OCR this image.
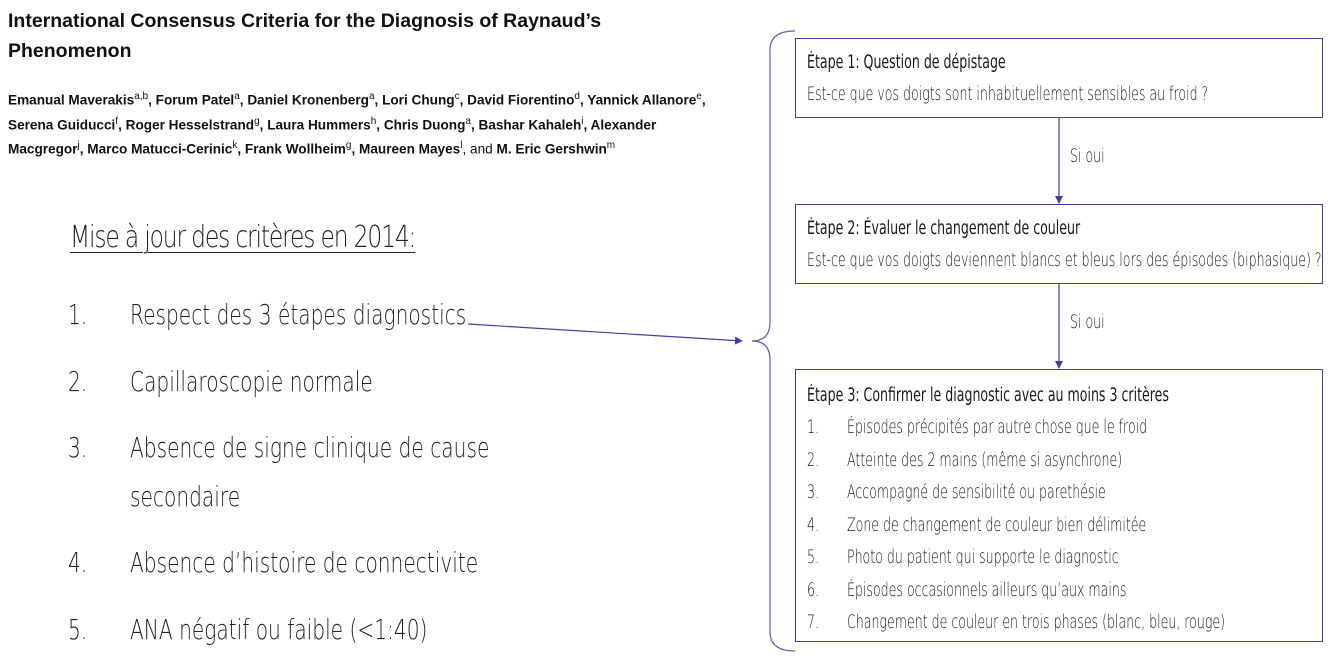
International Consensus Criteria for the Diagnosis of Raynaud’s Phenomenon

Emanual Maverakis$^{a,b}$, Forum Patel$^a$, Daniel Kronenberg$^a$, Lori Chung$^c$, David Fiorentino$^d$, Yannick Allanore$^e$, Serena Guiducci$^f$, Roger Hesselstrand$^g$, Laura Hummers$^h$, Chris Duong$^a$, Bashar Kahaleh$^i$, Alexander Macgregor$^j$, Marco Matucci-Cerinic$^k$, Frank Wollheim$^g$, Maureen Mayes$^l$, and M. Eric Gershwin$^m$

Mise à jour des critères en 2014:
1. Respect des 3 étapes diagnostics
2. Capillaroscopie normale
3. Absence de signe clinique de cause
secondaire
4. Absence d’histoire de connectivite
5. ANA négatif ou faible (<1:40)
Étape 1: Question de dépistage
Est-ce que vos doigts sont inhabituellement sensibles au froid ?
Si oui
Étape 2: Évaluer le changement de couleur
Est-ce que vos doigts deviennent blancs et bleus lors des épisodes (biphasique) ?
Si oui
Étape 3: Confirmer le diagnostic avec au moins 3 critères
1. Épisodes précipités par autre chose que le froid
2. Atteinte des 2 mains (même si asynchrone)
3. Accompagné de sensibilité ou parethésie
4. Zone de changement de couleur bien délimitée
5. Photo du patient qui supporte le diagnostic
6. Épisodes occasionnels ailleurs qu’aux mains
7. Changement de couleur en trois phases (blanc, bleu, rouge)
